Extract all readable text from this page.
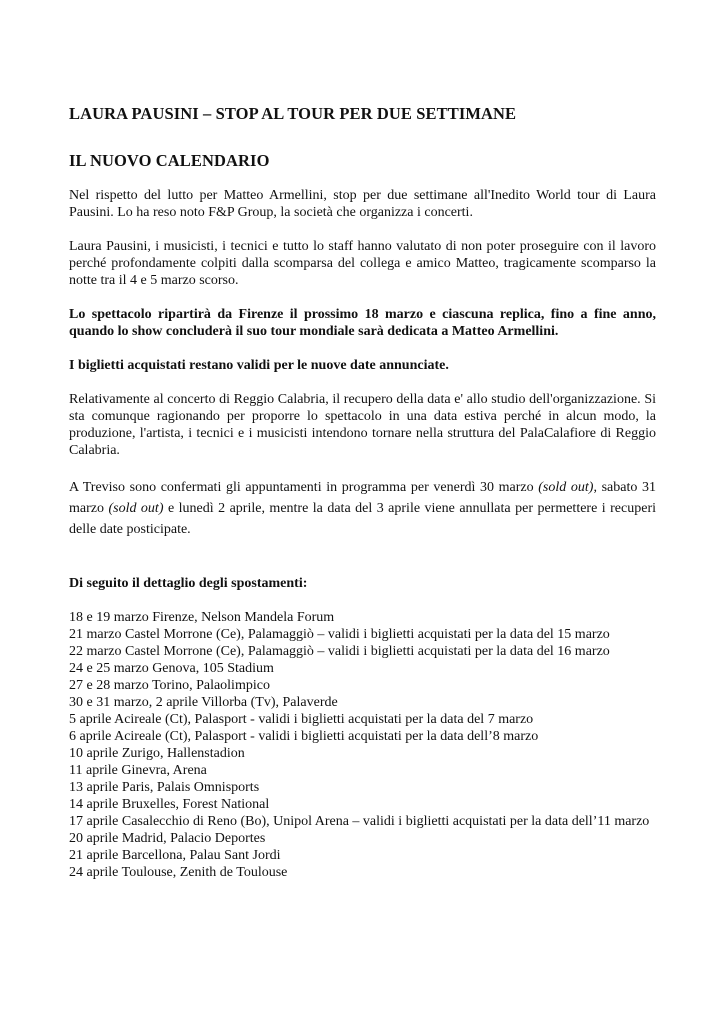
LAURA PAUSINI – STOP AL TOUR PER DUE SETTIMANE
IL NUOVO CALENDARIO

Nel rispetto del lutto per Matteo Armellini, stop per due settimane all'Inedito World tour di Laura Pausini. Lo ha reso noto F&P Group, la società che organizza i concerti.

Laura Pausini, i musicisti, i tecnici e tutto lo staff hanno valutato di non poter proseguire con il lavoro perché profondamente colpiti dalla scomparsa del collega e amico Matteo, tragicamente scomparso la notte tra il 4 e 5 marzo scorso.

Lo spettacolo ripartirà da Firenze il prossimo 18 marzo e ciascuna replica, fino a fine anno, quando lo show concluderà il suo tour mondiale sarà dedicata a Matteo Armellini.

I biglietti acquistati restano validi per le nuove date annunciate.

Relativamente al concerto di Reggio Calabria, il recupero della data e' allo studio dell'organizzazione. Si sta comunque ragionando per proporre lo spettacolo in una data estiva perché in alcun modo, la produzione, l'artista, i tecnici e i musicisti intendono tornare nella struttura del PalaCalafiore di Reggio Calabria.

A Treviso sono confermati gli appuntamenti in programma per venerdì 30 marzo (sold out), sabato 31 marzo (sold out) e lunedì 2 aprile, mentre la data del 3 aprile viene annullata per permettere i recuperi delle date posticipate.

Di seguito il dettaglio degli spostamenti:

18 e 19 marzo Firenze, Nelson Mandela Forum
21 marzo Castel Morrone (Ce), Palamaggiò – validi i biglietti acquistati per la data del 15 marzo
22 marzo Castel Morrone (Ce), Palamaggiò – validi i biglietti acquistati per la data del 16 marzo
24 e 25 marzo Genova, 105 Stadium
27 e 28 marzo Torino, Palaolimpico
30 e 31 marzo, 2 aprile Villorba (Tv), Palaverde
5 aprile Acireale (Ct), Palasport - validi i biglietti acquistati per la data del 7 marzo
6 aprile Acireale (Ct), Palasport - validi i biglietti acquistati per la data dell’8 marzo
10 aprile Zurigo, Hallenstadion
11 aprile Ginevra, Arena
13 aprile Paris, Palais Omnisports
14 aprile Bruxelles, Forest National
17 aprile Casalecchio di Reno (Bo), Unipol Arena – validi i biglietti acquistati per la data dell’11 marzo
20 aprile Madrid, Palacio Deportes
21 aprile Barcellona, Palau Sant Jordi
24 aprile Toulouse, Zenith de Toulouse
